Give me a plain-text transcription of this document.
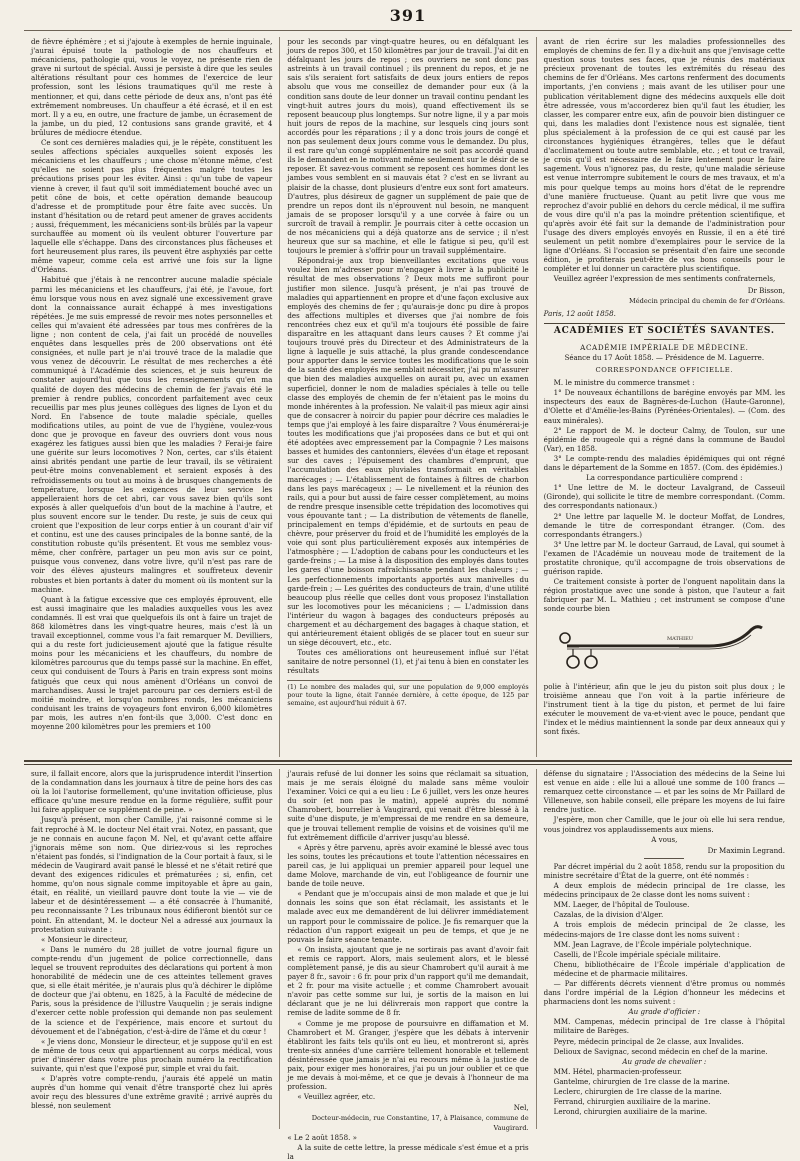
391

de fièvre éphémère ; et si j'ajoute à exemples de hernie inguinale, j'aurai épuisé toute la pathologie de nos chauffeurs et mécaniciens, pathologie qui, vous le voyez, ne présente rien de grave ni surtout de spécial. Aussi je persiste à dire que les seules altérations résultant pour ces hommes de l'exercice de leur profession, sont les lésions traumatiques qu'il me reste à mentionner, et qui, dans cette période de deux ans, n'ont pas été extrêmement nombreuses. Un chauffeur a été écrasé, et il en est mort. Il y a eu, en outre, une fracture de jambe, un écrasement de la jambe, un du pied, 12 contusions sans grande gravité, et 4 brûlures de médiocre étendue.

Ce sont ces dernières maladies qui, je le répète, constituent les seules affections spéciales auxquelles soient exposés les mécaniciens et les chauffeurs ; une chose m'étonne même, c'est qu'elles ne soient pas plus fréquentes malgré toutes les précautions prises pour les éviter. Ainsi : qu'un tube de vapeur vienne à crever, il faut qu'il soit immédiatement bouché avec un petit cône de bois, et cette opération demande beaucoup d'adresse et de promptitude pour être faite avec succès. Un instant d'hésitation ou de retard peut amener de graves accidents ; aussi, fréquemment, les mécaniciens sont-ils brûlés par la vapeur surchauffée au moment où ils veulent obturer l'ouverture par laquelle elle s'échappe. Dans des circonstances plus fâcheuses et fort heureusement plus rares, ils peuvent être asphyxiés par cette même vapeur, comme cela est arrivé une fois sur la ligne d'Orléans.

Habitué que j'étais à ne rencontrer aucune maladie spéciale parmi les mécaniciens et les chauffeurs, j'ai été, je l'avoue, fort ému lorsque vous nous en avez signalé une excessivement grave dont la connaissance aurait échappé à mes investigations répétées. Je me suis empressé de revoir mes notes personnelles et celles qui m'avaient été adressées par tous mes confrères de la ligne ; non content de cela, j'ai fait un procédé de nouvelles enquêtes dans lesquelles près de 200 observations ont été consignées, et nulle part je n'ai trouvé trace de la maladie que vous venez de découvrir. Le résultat de mes recherches a été communiqué à l'Académie des sciences, et je suis heureux de constater aujourd'hui que tous les renseignements qu'en ma qualité de doyen des médecins de chemin de fer j'avais été le premier à rendre publics, concordent parfaitement avec ceux recueillis par mes plus jeunes collègues des lignes de Lyon et du Nord. En l'absence de toute maladie spéciale, quelles modifications utiles, au point de vue de l'hygiène, voulez-vous donc que je provoque en faveur des ouvriers dont vous nous exagérez les fatigues aussi bien que les maladies ? Ferai-je faire une guérite sur leurs locomotives ? Non, certes, car s'ils étaient ainsi abrités pendant une partie de leur travail, ils se vêtiraient peut-être moins convenablement et seraient exposés à des refroidissements ou tout au moins à de brusques changements de température, lorsque les exigences de leur service les appelleraient hors de cet abri, car vous savez bien qu'ils sont exposés à aller quelquefois d'un bout de la machine à l'autre, et plus souvent encore sur le tender. Du reste, je suis de ceux qui croient que l'exposition de leur corps entier à un courant d'air vif et continu, est une des causes principales de la bonne santé, de la constitution robuste qu'ils présentent. Et vous me semblez vous-même, cher confrère, partager un peu mon avis sur ce point, puisque vous convenez, dans votre livre, qu'il n'est pas rare de voir des élèves ajusteurs malingres et souffreteux devenir robustes et bien portants à dater du moment où ils montent sur la machine.

Quant à la fatigue excessive que ces employés éprouvent, elle est aussi imaginaire que les maladies auxquelles vous les avez condamnés. Il est vrai que quelquefois ils ont à faire un trajet de 868 kilomètres dans les vingt-quatre heures, mais c'est là un travail exceptionnel, comme vous l'a fait remarquer M. Devilliers, qui a du reste fort judicieusement ajouté que la fatigue résulte moins pour les mécaniciens et les chauffeurs, du nombre de kilomètres parcourus que du temps passé sur la machine. En effet, ceux qui conduisent de Tours à Paris en train express sont moins fatigués que ceux qui nous amènent d'Orléans un convoi de marchandises. Aussi le trajet parcouru par ces derniers est-il de moitié moindre, et lorsqu'on nombres ronds, les mécaniciens conduisant les trains de voyageurs font environ 6,000 kilomètres par mois, les autres n'en font-ils que 3,000. C'est donc en moyenne 200 kilomètres pour les premiers et 100

pour les seconds par vingt-quatre heures, ou en défalquant les jours de repos 300, et 150 kilomètres par jour de travail. J'ai dit en défalquant les jours de repos ; ces ouvriers ne sont donc pas astreints à un travail continuel ; ils prennent du repos, et je ne sais s'ils seraient fort satisfaits de deux jours entiers de repos absolu que vous me conseillez de demander pour eux (à la condition sans doute de leur donner un travail continu pendant les vingt-huit autres jours du mois), quand effectivement ils se reposent beaucoup plus longtemps. Sur notre ligne, il y a par mois huit jours de repos de la machine, sur lesquels cinq jours sont accordés pour les réparations ; il y a donc trois jours de congé et non pas seulement deux jours comme vous le demandez. Du plus, il est rare qu'un congé supplémentaire ne soit pas accordé quand ils le demandent en le motivant même seulement sur le désir de se reposer. Et savez-vous comment se reposent ces hommes dont les jambes vous semblent en si mauvais état ? c'est en se livrant au plaisir de la chasse, dont plusieurs d'entre eux sont fort amateurs. D'autres, plus désireux de gagner un supplément de paie que de prendre un repos dont ils n'éprouvent nul besoin, ne manquent jamais de se proposer lorsqu'il y a une corvée à faire ou un surcroît de travail à remplir. Je pourrais citer à cette occasion un de nos mécaniciens qui a déjà quatorze ans de service ; il n'est heureux que sur sa machine, et elle le fatigue si peu, qu'il est toujours le premier à s'offrir pour un travail supplémentaire.

Répondrai-je aux trop bienveillantes excitations que vous voulez bien m'adresser pour m'engager à livrer à la publicité le résultat de mes observations ? Deux mots me suffiront pour justifier mon silence. Jusqu'à présent, je n'ai pas trouvé de maladies qui appartiennent en propre et d'une façon exclusive aux employés des chemins de fer ; qu'aurais-je donc pu dire à propos des affections multiples et diverses que j'ai nombre de fois rencontrées chez eux et qu'il m'a toujours été possible de faire disparaître en les attaquant dans leurs causes ? Et comme j'ai toujours trouvé près du Directeur et des Administrateurs de la ligne à laquelle je suis attaché, la plus grande condescendance pour apporter dans le service toutes les modifications que le soin de la santé des employés me semblait nécessiter, j'ai pu m'assurer que bien des maladies auxquelles on aurait pu, avec un examen superficiel, donner le nom de maladies spéciales à telle ou telle classe des employés de chemin de fer n'étaient pas le moins du monde inhérentes à la profession. Ne valait-il pas mieux agir ainsi que de consacrer à noircir du papier pour décrire ces maladies le temps que j'ai employé à les faire disparaître ? Vous énumérerai-je toutes les modifications que j'ai proposées dans ce but et qui ont été adoptées avec empressement par la Compagnie ? Les maisons basses et humides des cantonniers, élevées d'un étage et reposant sur des caves ; l'épuisement des chambres d'emprunt, que l'accumulation des eaux pluviales transformait en véritables marécages ; — L'établissement de fontaines à filtres de charbon dans les pays marécageux ; — Le nivellement et la réunion des rails, qui a pour but aussi de faire cesser complètement, au moins de rendre presque insensible cette trépidation des locomotives qui vous épouvante tant ; — La distribution de vêtements de flanelle, principalement en temps d'épidémie, et de surtouts en peau de chèvre, pour préserver du froid et de l'humidité les employés de la voie qui sont plus particulièrement exposés aux intempéries de l'atmosphère ; — L'adoption de cabans pour les conducteurs et les garde-freins ; — La mise à la disposition des employés dans toutes les gares d'une boisson rafraîchissante pendant les chaleurs ; — Les perfectionnements importants apportés aux manivelles du garde-frein ; — Les guérites des conducteurs de train, d'une utilité beaucoup plus réelle que celles dont vous proposez l'installation sur les locomotives pour les mécaniciens ; — L'admission dans l'intérieur du wagon à bagages des conducteurs préposés au chargement et au déchargement des bagages à chaque station, et qui antérieurement étaient obligés de se placer tout en sueur sur un siège découvert, etc., etc.

Toutes ces améliorations ont heureusement influé sur l'état sanitaire de notre personnel (1), et j'ai tenu à bien en constater les résultats

(1) Le nombre des malades qui, sur une population de 9,000 employés pour toute la ligne, était l'année dernière, à cette époque, de 125 par semaine, est aujourd'hui réduit à 67.

avant de rien écrire sur les maladies professionnelles des employés de chemins de fer. Il y a dix-huit ans que j'envisage cette question sous toutes ses faces, que je réunis des matériaux précieux provenant de toutes les extrémités du réseau des chemins de fer d'Orléans. Mes cartons renferment des documents importants, j'en conviens ; mais avant de les utiliser pour une publication véritablement digne des médecins auxquels elle doit être adressée, vous m'accorderez bien qu'il faut les étudier, les classer, les comparer entre eux, afin de pouvoir bien distinguer ce qui, dans les maladies dont l'existence nous est signalée, tient plus spécialement à la profession de ce qui est causé par les circonstances hygiéniques étrangères, telles que le défaut d'acclimatement ou toute autre semblable, etc. ; et tout ce travail, je crois qu'il est nécessaire de le faire lentement pour le faire sagement. Vous n'ignorez pas, du reste, qu'une maladie sérieuse est venue interrompre subitement le cours de mes travaux, et m'a mis pour quelque temps au moins hors d'état de le reprendre d'une manière fructueuse. Quant au petit livre que vous me reprochez d'avoir publié en dehors du cercle médical, il me suffira de vous dire qu'il n'a pas la moindre prétention scientifique, et qu'après avoir été fait sur la demande de l'administration pour l'usage des divers employés envoyés en Russie, il en a été tiré seulement un petit nombre d'exemplaires pour le service de la ligne d'Orléans. Si l'occasion se présentait d'en faire une seconde édition, je profiterais peut-être de vos bons conseils pour le compléter et lui donner un caractère plus scientifique.

Veuillez agréer l'expression de mes sentiments confraternels,

Dr Bisson,
Médecin principal du chemin de fer d'Orléans.
Paris, 12 août 1858.
ACADÉMIES ET SOCIÉTÉS SAVANTES.
ACADÉMIE IMPÉRIALE DE MÉDECINE.
Séance du 17 Août 1858. — Présidence de M. Laguerre.
CORRESPONDANCE OFFICIELLE.

M. le ministre du commerce transmet :

1° De nouveaux échantillons de barégine envoyés par MM. les inspecteurs des eaux de Bagnères-de-Luchon (Haute-Garonne), d'Olette et d'Amélie-les-Bains (Pyrénées-Orientales). — (Com. des eaux minérales).

2° Le rapport de M. le docteur Calmy, de Toulon, sur une épidémie de rougeole qui a régné dans la commune de Baudol (Var), en 1858.

3° Le compte-rendu des maladies épidémiques qui ont régné dans le département de la Somme en 1857. (Com. des épidémies.)

La correspondance particulière comprend :

1° Une lettre de M. le docteur Lavalgrand, de Casseuil (Gironde), qui sollicite le titre de membre correspondant. (Comm. des correspondants nationaux.)

2° Une lettre par laquelle M. le docteur Moffat, de Londres, demande le titre de correspondant étranger. (Com. des correspondants étrangers.)

3° Une lettre par M. le docteur Garraud, de Laval, qui soumet à l'examen de l'Académie un nouveau mode de traitement de la prostatite chronique, qu'il accompagne de trois observations de guérison rapide.

Ce traitement consiste à porter de l'onguent napolitain dans la région prostatique avec une sonde à piston, que l'auteur a fait fabriquer par M. L. Mathieu ; cet instrument se compose d'une sonde courbe bien

MATHIEU

polie à l'intérieur, afin que le jeu du piston soit plus doux ; le troisième anneau que l'on voit à la partie inférieure de l'instrument tient à la tige du piston, et permet de lui faire exécuter le mouvement de va-et-vient avec le pouce, pendant que l'index et le médius maintiennent la sonde par deux anneaux qui y sont fixés.

sure, il fallait encore, alors que la jurisprudence interdit l'insertion de la condamnation dans les journaux à titre de peine hors des cas où la loi l'autorise formellement, qu'une invitation officieuse, plus efficace qu'une mesure rendue en la forme régulière, suffit pour lui faire appliquer ce supplément de peine. »

Jusqu'à présent, mon cher Camille, j'ai raisonné comme si le fait reproché à M. le docteur Nel était vrai. Notez, en passant, que je ne connais en aucune façon M. Nel, et qu'avant cette affaire j'ignorais même son nom. Que diriez-vous si les reproches n'étaient pas fondés, si l'indignation de la Cour portait à faux, si le médecin de Vaugirard avait pansé le blessé et ne s'était retiré que devant des exigences ridicules et prématurées ; si, enfin, cet homme, qu'on nous signale comme impitoyable et âpre au gain, était, en réalité, un vieillard pauvre dont toute la vie — vie de labeur et de désintéressement — a été consacrée à l'humanité, peu reconnaissante ? Les tribunaux nous édifieront bientôt sur ce point. En attendant, M. le docteur Nel a adressé aux journaux la protestation suivante :

« Monsieur le directeur,

« Dans le numéro du 28 juillet de votre journal figure un compte-rendu d'un jugement de police correctionnelle, dans lequel se trouvent reproduites des déclarations qui portent à mon honorabilité de médecin une de ces atteintes tellement graves que, si elle était méritée, je n'aurais plus qu'à déchirer le diplôme de docteur que j'ai obtenu, en 1825, à la Faculté de médecine de Paris, sous la présidence de l'illustre Vauquelin ; je serais indigne d'exercer cette noble profession qui demande non pas seulement de la science et de l'expérience, mais encore et surtout du dévouement et de l'abnégation, c'est-à-dire de l'âme et du cœur !

« Je viens donc, Monsieur le directeur, et je suppose qu'il en est de même de tous ceux qui appartiennent au corps médical, vous prier d'insérer dans votre plus prochain numéro la rectification suivante, qui n'est que l'exposé pur, simple et vrai du fait.

« D'après votre compte-rendu, j'aurais été appelé un matin auprès d'un homme qui venait d'être transporté chez lui après avoir reçu des blessures d'une extrême gravité ; arrivé auprès du blessé, non seulement

j'aurais refusé de lui donner les soins que réclamait sa situation, mais je me serais éloigné du malade sans même vouloir l'examiner. Voici ce qui a eu lieu : Le 6 juillet, vers les onze heures du soir (et non pas le matin), appelé auprès du nommé Chamrobert, bourrelier à Vaugirard, qui venait d'être blessé à la suite d'une dispute, je m'empressai de me rendre en sa demeure, que je trouvai tellement remplie de voisins et de voisines qu'il me fut extrêmement difficile d'arriver jusqu'au blessé.

« Après y être parvenu, après avoir examiné le blessé avec tous les soins, toutes les précautions et toute l'attention nécessaires en pareil cas, je lui appliquai un premier appareil pour lequel une dame Molove, marchande de vin, eut l'obligeance de fournir une bande de toile neuve.

« Pendant que je m'occupais ainsi de mon malade et que je lui donnais les soins que son état réclamait, les assistants et le malade avec eux me demandèrent de lui délivrer immédiatement un rapport pour le commissaire de police. Je fis remarquer que la rédaction d'un rapport exigeait un peu de temps, et que je ne pouvais le faire séance tenante.

« On insista, ajoutant que je ne sortirais pas avant d'avoir fait et remis ce rapport. Alors, mais seulement alors, et le blessé complètement pansé, je dis au sieur Chamrobert qu'il aurait à me payer 8 fr., savoir : 6 fr. pour prix d'un rapport qu'il me demandait, et 2 fr. pour ma visite actuelle ; et comme Chamrobert avouait n'avoir pas cette somme sur lui, je sortis de la maison en lui déclarant que je ne lui délivrerais mon rapport que contre la remise de ladite somme de 8 fr.

« Comme je me propose de poursuivre en diffamation et M. Chamrobert et M. Granger, j'espère que les débats à intervenir établiront les faits tels qu'ils ont eu lieu, et montreront si, après trente-six années d'une carrière tellement honorable et tellement désintéressée que jamais je n'ai eu recours même à la justice de paix, pour exiger mes honoraires, j'ai pu un jour oublier et ce que je me devais à moi-même, et ce que je devais à l'honneur de ma profession.

« Veuillez agréer, etc.

Nel,
Docteur-médecin, rue Constantine, 17, à Plaisance, commune de Vaugirard.

« Le 2 août 1858. »

A la suite de cette lettre, la presse médicale s'est émue et a pris la

défense du signataire ; l'Association des médecins de la Seine lui est venue en aide : elle lui a alloué une somme de 100 francs — remarquez cette circonstance — et par les soins de Mr Paillard de Villeneuve, son habile conseil, elle prépare les moyens de lui faire rendre justice.

J'espère, mon cher Camille, que le jour où elle lui sera rendue, vous joindrez vos applaudissements aux miens.

A vous,

Dr Maximin Legrand.

Par décret impérial du 2 août 1858, rendu sur la proposition du ministre secrétaire d'État de la guerre, ont été nommés :

A deux emplois de médecin principal de 1re classe, les médecins principaux de 2e classe dont les noms suivent :

MM. Laeger, de l'hôpital de Toulouse.

Cazalas, de la division d'Alger.

A trois emplois de médecin principal de 2e classe, les médecins-majors de 1re classe dont les noms suivent :

MM. Jean Lagrave, de l'École impériale polytechnique.

Caselli, de l'École impériale spéciale militaire.

Chenu, bibliothécaire de l'École impériale d'application de médecine et de pharmacie militaires.

— Par différents décrets viennent d'être promus ou nommés dans l'ordre impérial de la Légion d'honneur les médecins et pharmaciens dont les noms suivent :

Au grade d'officier :

MM. Campenas, médecin principal de 1re classe à l'hôpital militaire de Barèges.

Peyre, médecin principal de 2e classe, aux Invalides.

Delioux de Savignac, second médecin en chef de la marine.

Au grade de chevalier :

MM. Hétel, pharmacien-professeur.

Gantelme, chirurgien de 1re classe de la marine.

Leclerc, chirurgien de 1re classe de la marine.

Ferrand, chirurgien auxiliaire de la marine.

Lerond, chirurgien auxiliaire de la marine.
